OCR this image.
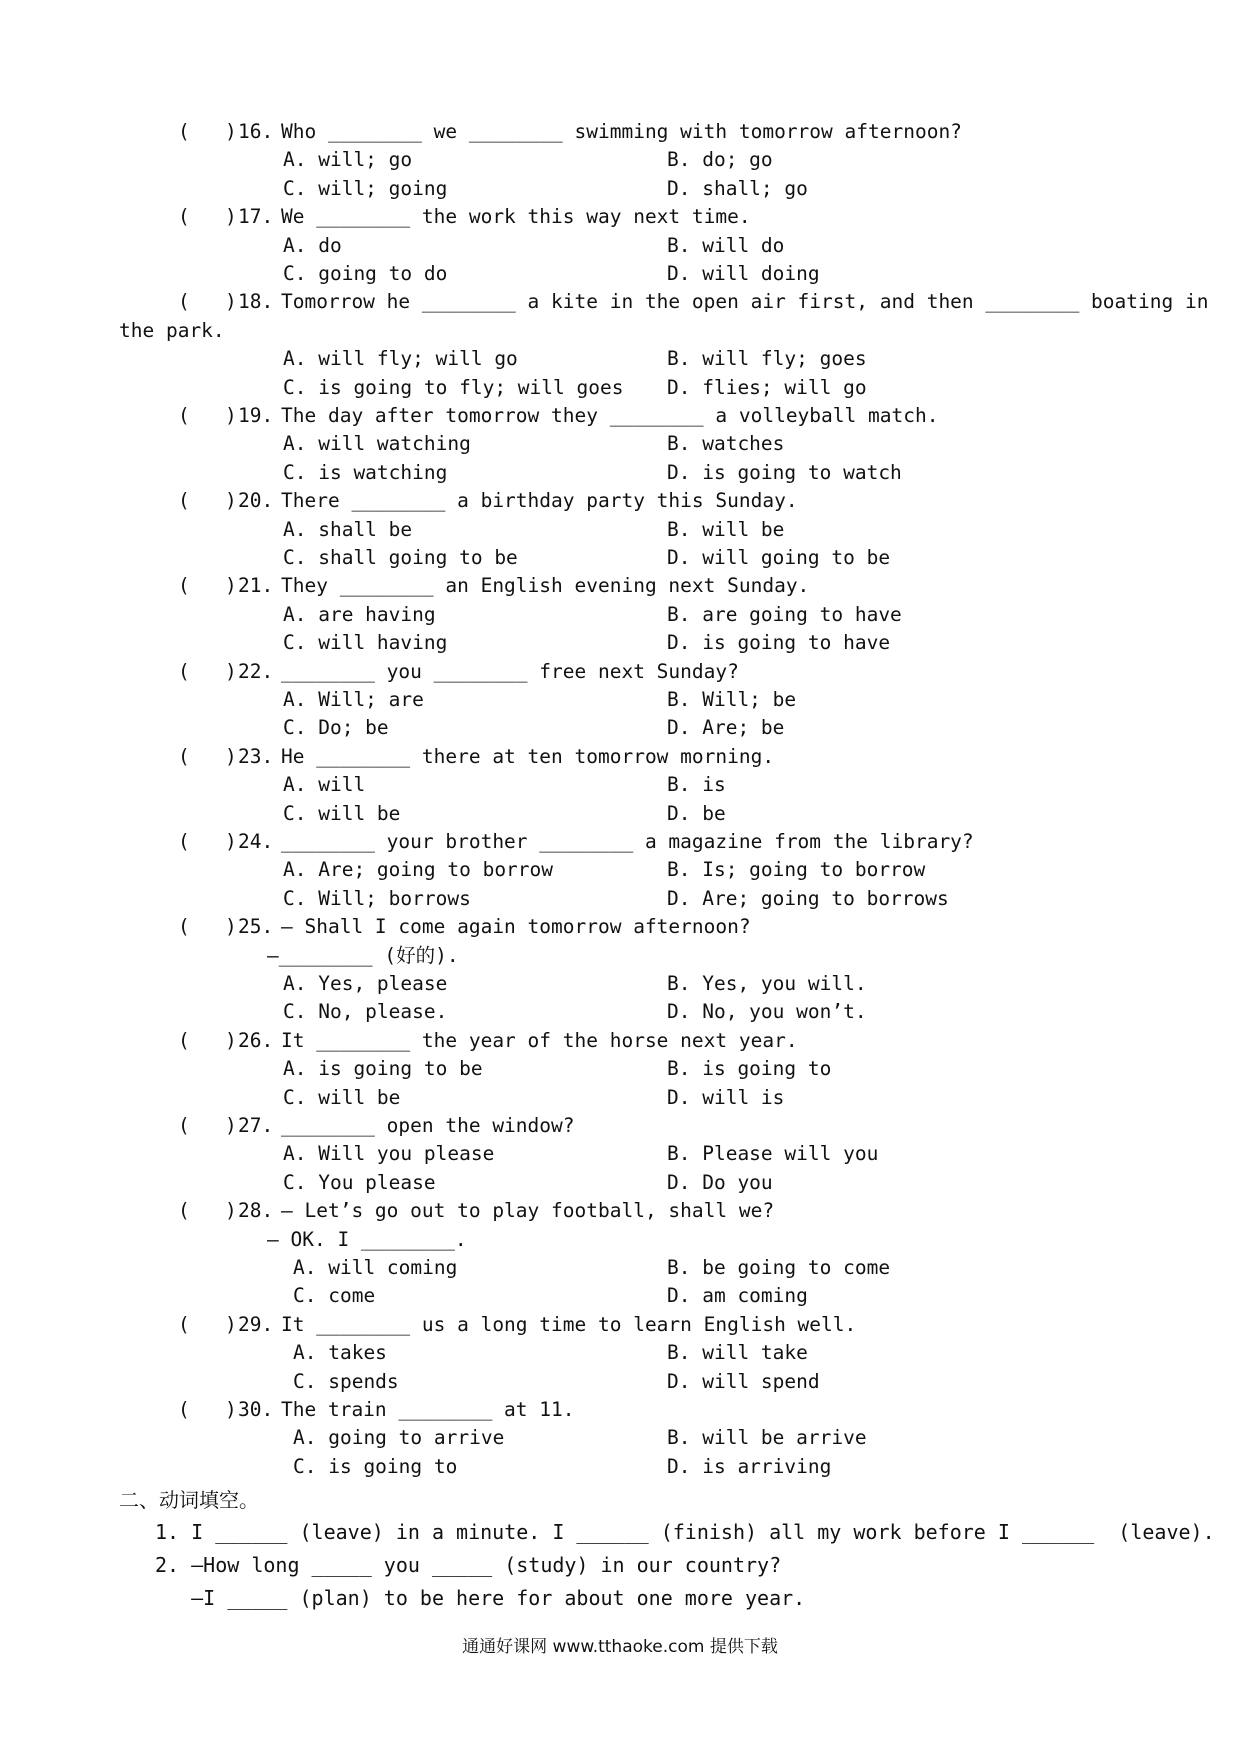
(   ) 16. Who ________ we ________ swimming with tomorrow afternoon?
A. will; go	B. do; go
C. will; going	D. shall; go
(   ) 17. We ________ the work this way next time.
A. do	B. will do
C. going to do	D. will doing
(   ) 18. Tomorrow he ________ a kite in the open air first, and then ________ boating in
the park.
A. will fly; will go	B. will fly; goes
C. is going to fly; will goes D. flies; will go
(   ) 19. The day after tomorrow they ________ a volleyball match.
A. will watching	B. watches
C. is watching	D. is going to watch
(   ) 20. There ________ a birthday party this Sunday.
A. shall be	B. will be
C. shall going to be	D. will going to be
(   ) 21. They ________ an English evening next Sunday.
A. are having	B. are going to have
C. will having	D. is going to have
(   ) 22. ________ you ________ free next Sunday?
A. Will; are	B. Will; be
C. Do; be	D. Are; be
(   ) 23. He ________ there at ten tomorrow morning.
A. will	B. is
C. will be	D. be
(   ) 24. ________ your brother ________ a magazine from the library?
A. Are; going to borrow	B. Is; going to borrow
C. Will; borrows	D. Are; going to borrows
(   ) 25. – Shall I come again tomorrow afternoon?
–________ (好的).
A. Yes, please	B. Yes, you will.
C. No, please.	D. No, you won’t.
(   ) 26. It ________ the year of the horse next year.
A. is going to be	B. is going to
C. will be	D. will is
(   ) 27. ________ open the window?
A. Will you please	B. Please will you
C. You please	D. Do you
(   ) 28. – Let’s go out to play football, shall we?
– OK. I ________.
A. will coming	B. be going to come
C. come	D. am coming
(   ) 29. It ________ us a long time to learn English well.
A. takes	B. will take
C. spends	D. will spend
(   ) 30. The train ________ at 11.
A. going to arrive	B. will be arrive
C. is going to	D. is arriving
二、动词填空。
1. I ______ (leave) in a minute. I ______ (finish) all my work before I ______  (leave).
2. —How long _____ you _____ (study) in our country?
—I _____ (plan) to be here for about one more year.
通通好课网 www.tthaoke.com 提供下载
